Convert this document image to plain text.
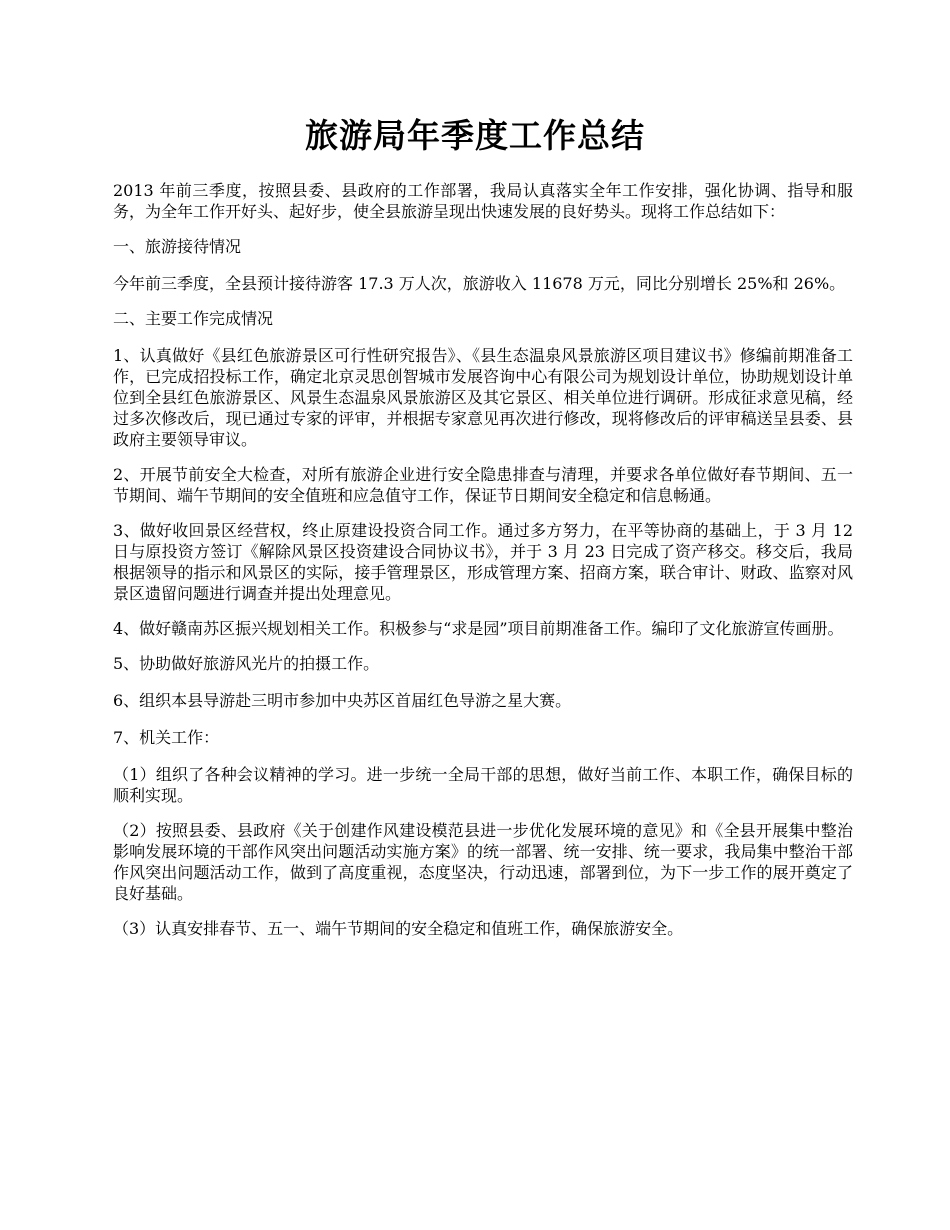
旅游局年季度工作总结

2013 年前三季度，按照县委、县政府的工作部署，我局认真落实全年工作安排，强化协调、指导和服务，为全年工作开好头、起好步，使全县旅游呈现出快速发展的良好势头。现将工作总结如下：

一、旅游接待情况

今年前三季度，全县预计接待游客 17.3 万人次，旅游收入 11678 万元，同比分别增长 25%和 26%。

二、主要工作完成情况

1、认真做好《县红色旅游景区可行性研究报告》、《县生态温泉风景旅游区项目建议书》修编前期准备工作，已完成招投标工作，确定北京灵思创智城市发展咨询中心有限公司为规划设计单位，协助规划设计单位到全县红色旅游景区、风景生态温泉风景旅游区及其它景区、相关单位进行调研。形成征求意见稿，经过多次修改后，现已通过专家的评审，并根据专家意见再次进行修改，现将修改后的评审稿送呈县委、县政府主要领导审议。

2、开展节前安全大检查，对所有旅游企业进行安全隐患排查与清理，并要求各单位做好春节期间、五一节期间、端午节期间的安全值班和应急值守工作，保证节日期间安全稳定和信息畅通。

3、做好收回景区经营权，终止原建设投资合同工作。通过多方努力，在平等协商的基础上，于 3 月 12 日与原投资方签订《解除风景区投资建设合同协议书》，并于 3 月 23 日完成了资产移交。移交后，我局根据领导的指示和风景区的实际，接手管理景区，形成管理方案、招商方案，联合审计、财政、监察对风景区遗留问题进行调查并提出处理意见。

4、做好赣南苏区振兴规划相关工作。积极参与“求是园”项目前期准备工作。编印了文化旅游宣传画册。

5、协助做好旅游风光片的拍摄工作。

6、组织本县导游赴三明市参加中央苏区首届红色导游之星大赛。

7、机关工作：

（1）组织了各种会议精神的学习。进一步统一全局干部的思想，做好当前工作、本职工作，确保目标的顺利实现。

（2）按照县委、县政府《关于创建作风建设模范县进一步优化发展环境的意见》和《全县开展集中整治影响发展环境的干部作风突出问题活动实施方案》的统一部署、统一安排、统一要求，我局集中整治干部作风突出问题活动工作，做到了高度重视，态度坚决，行动迅速，部署到位，为下一步工作的展开奠定了良好基础。

（3）认真安排春节、五一、端午节期间的安全稳定和值班工作，确保旅游安全。
